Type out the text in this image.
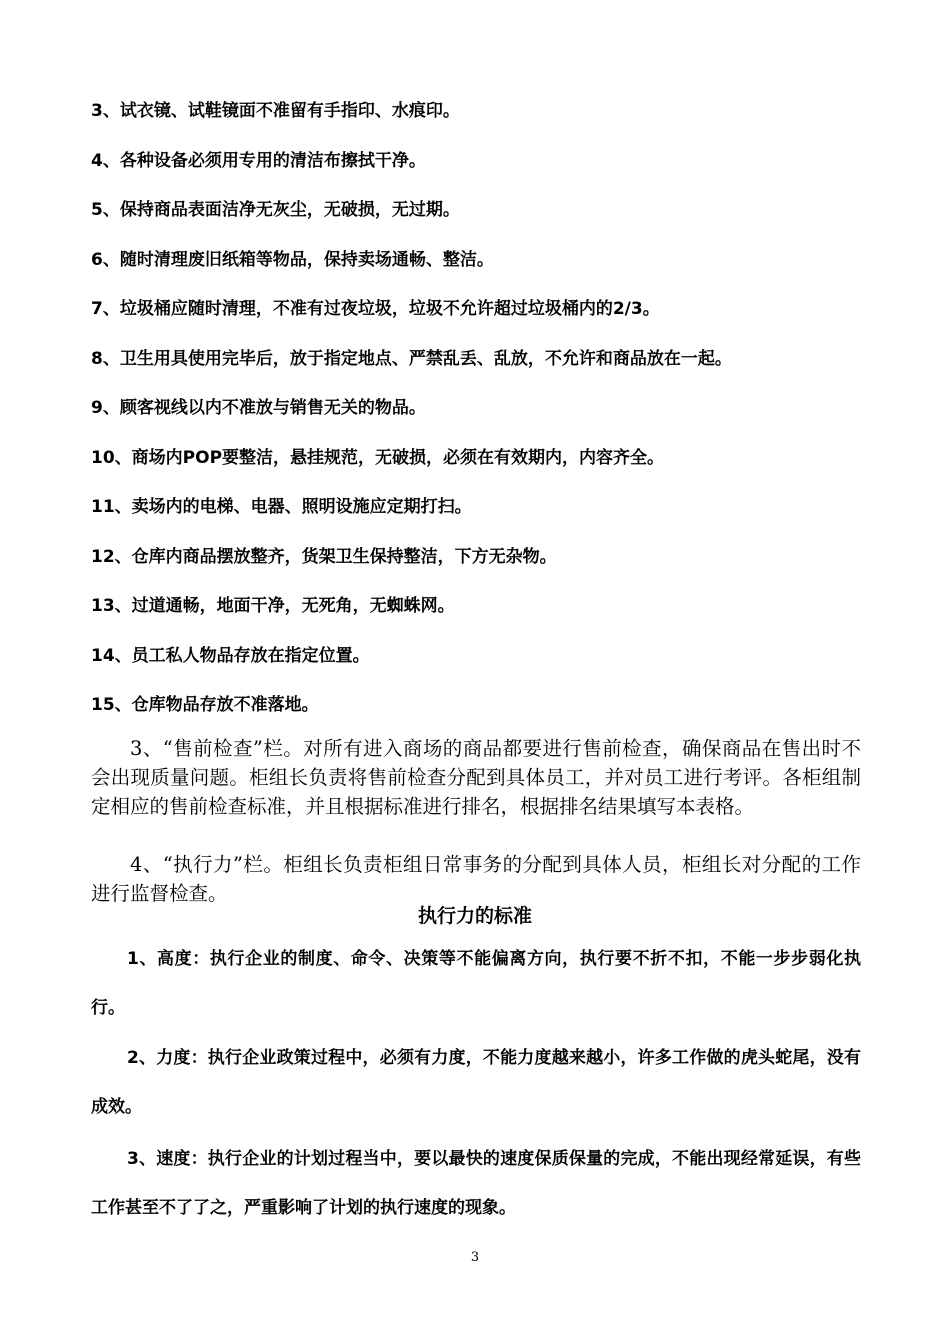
3、试衣镜、试鞋镜面不准留有手指印、水痕印。
4、各种设备必须用专用的清洁布擦拭干净。
5、保持商品表面洁净无灰尘，无破损，无过期。
6、随时清理废旧纸箱等物品，保持卖场通畅、整洁。
7、垃圾桶应随时清理，不准有过夜垃圾，垃圾不允许超过垃圾桶内的2/3。
8、卫生用具使用完毕后，放于指定地点、严禁乱丢、乱放，不允许和商品放在一起。
9、顾客视线以内不准放与销售无关的物品。
10、商场内POP要整洁，悬挂规范，无破损，必须在有效期内，内容齐全。
11、卖场内的电梯、电器、照明设施应定期打扫。
12、仓库内商品摆放整齐，货架卫生保持整洁，下方无杂物。
13、过道通畅，地面干净，无死角，无蜘蛛网。
14、员工私人物品存放在指定位置。
15、仓库物品存放不准落地。
3、“售前检查”栏。对所有进入商场的商品都要进行售前检查，确保商品在售出时不会出现质量问题。柜组长负责将售前检查分配到具体员工，并对员工进行考评。各柜组制定相应的售前检查标准，并且根据标准进行排名，根据排名结果填写本表格。
4、“执行力”栏。柜组长负责柜组日常事务的分配到具体人员，柜组长对分配的工作进行监督检查。
执行力的标准
1、高度：执行企业的制度、命令、决策等不能偏离方向，执行要不折不扣，不能一步步弱化执行。
2、力度：执行企业政策过程中，必须有力度，不能力度越来越小，许多工作做的虎头蛇尾，没有成效。
3、速度：执行企业的计划过程当中，要以最快的速度保质保量的完成，不能出现经常延误，有些工作甚至不了了之，严重影响了计划的执行速度的现象。
3
